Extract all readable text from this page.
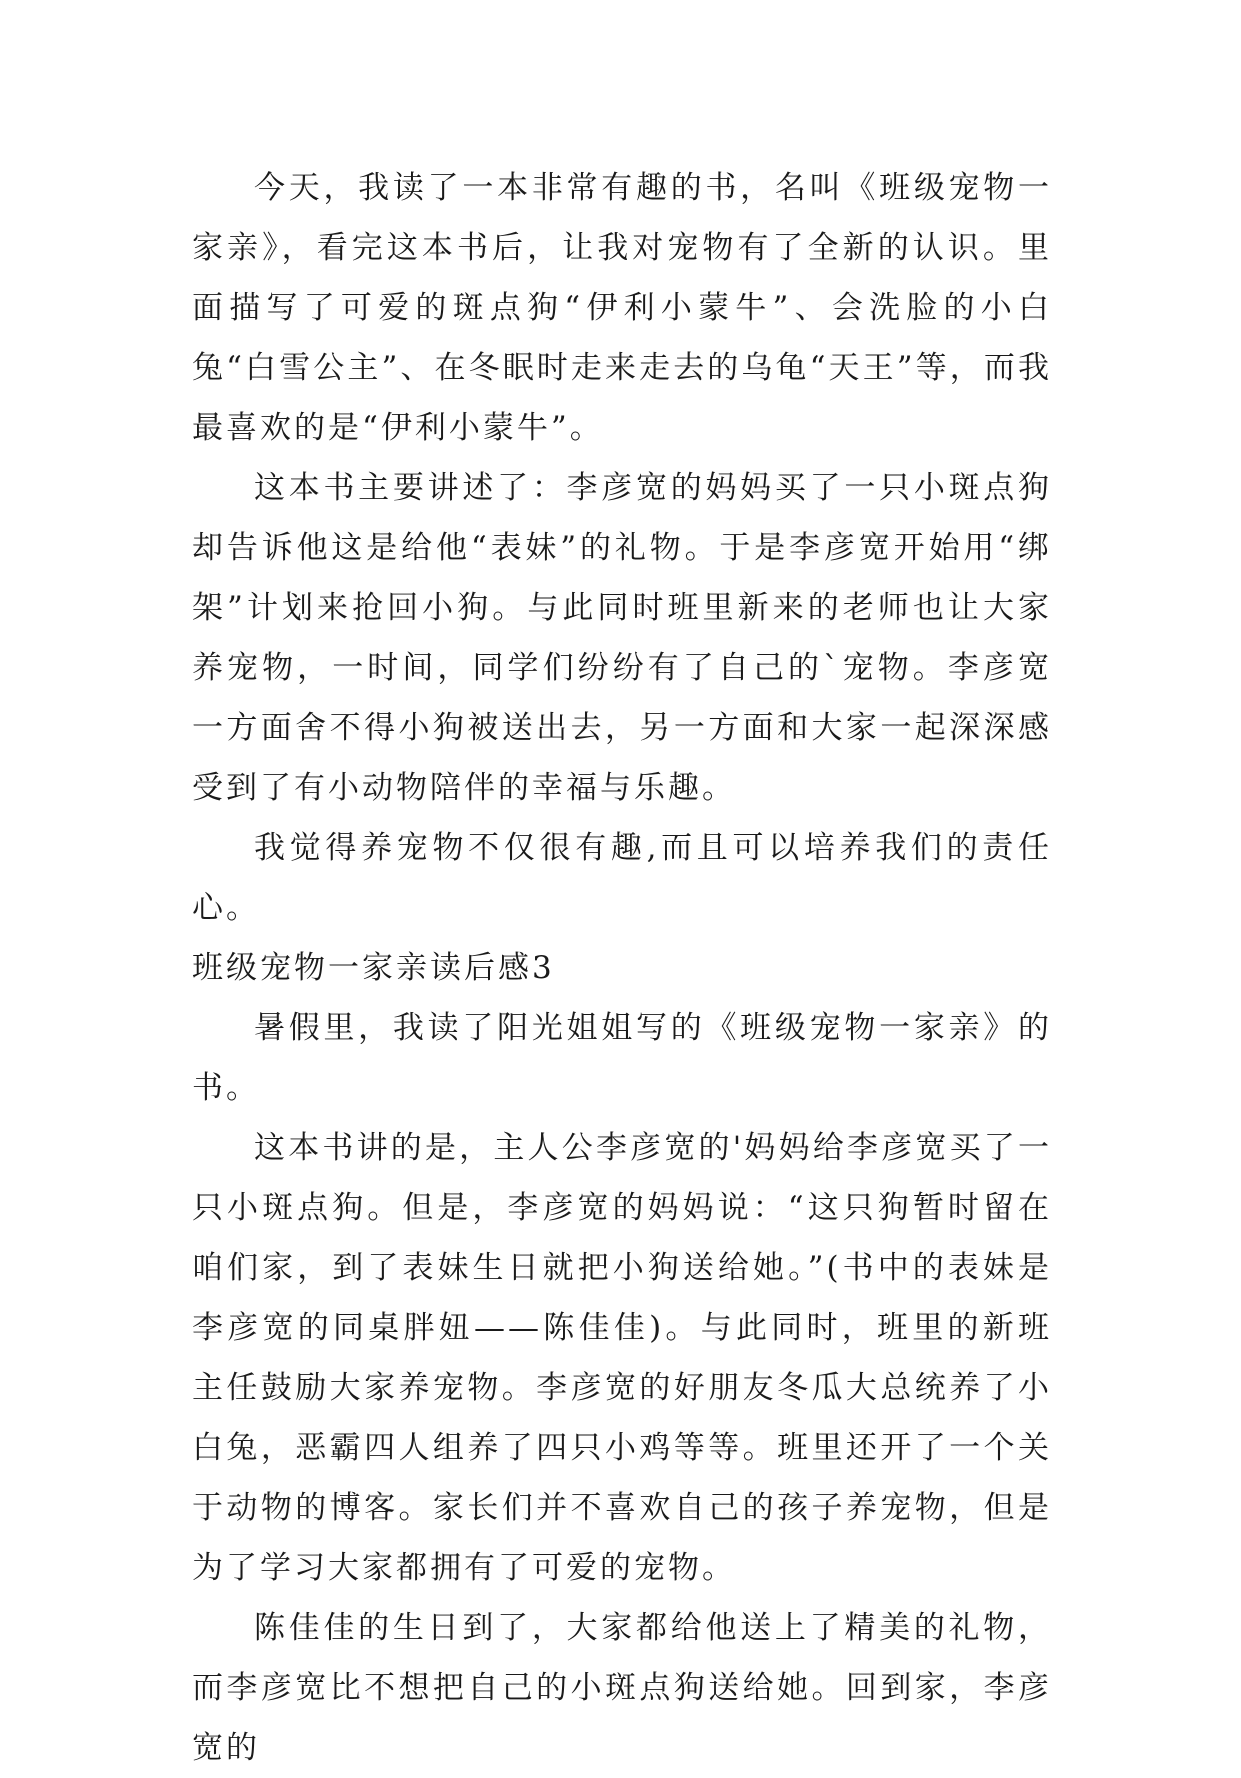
今天，我读了一本非常有趣的书，名叫《班级宠物一家亲》，看完这本书后，让我对宠物有了全新的认识。里面描写了可爱的斑点狗“伊利小蒙牛”、会洗脸的小白兔“白雪公主”、在冬眠时走来走去的乌龟“天王”等，而我最喜欢的是“伊利小蒙牛”。

这本书主要讲述了：李彦宽的妈妈买了一只小斑点狗却告诉他这是给他“表妹”的礼物。于是李彦宽开始用“绑架”计划来抢回小狗。与此同时班里新来的老师也让大家养宠物，一时间，同学们纷纷有了自己的`宠物。李彦宽一方面舍不得小狗被送出去，另一方面和大家一起深深感受到了有小动物陪伴的幸福与乐趣。

我觉得养宠物不仅很有趣,而且可以培养我们的责任心。

班级宠物一家亲读后感3

暑假里，我读了阳光姐姐写的《班级宠物一家亲》的书。

这本书讲的是，主人公李彦宽的'妈妈给李彦宽买了一只小斑点狗。但是，李彦宽的妈妈说：“这只狗暂时留在咱们家，到了表妹生日就把小狗送给她。”(书中的表妹是李彦宽的同桌胖妞——陈佳佳)。与此同时，班里的新班主任鼓励大家养宠物。李彦宽的好朋友冬瓜大总统养了小白兔，恶霸四人组养了四只小鸡等等。班里还开了一个关于动物的博客。家长们并不喜欢自己的孩子养宠物，但是为了学习大家都拥有了可爱的宠物。

陈佳佳的生日到了，大家都给他送上了精美的礼物，而李彦宽比不想把自己的小斑点狗送给她。回到家，李彦宽的
